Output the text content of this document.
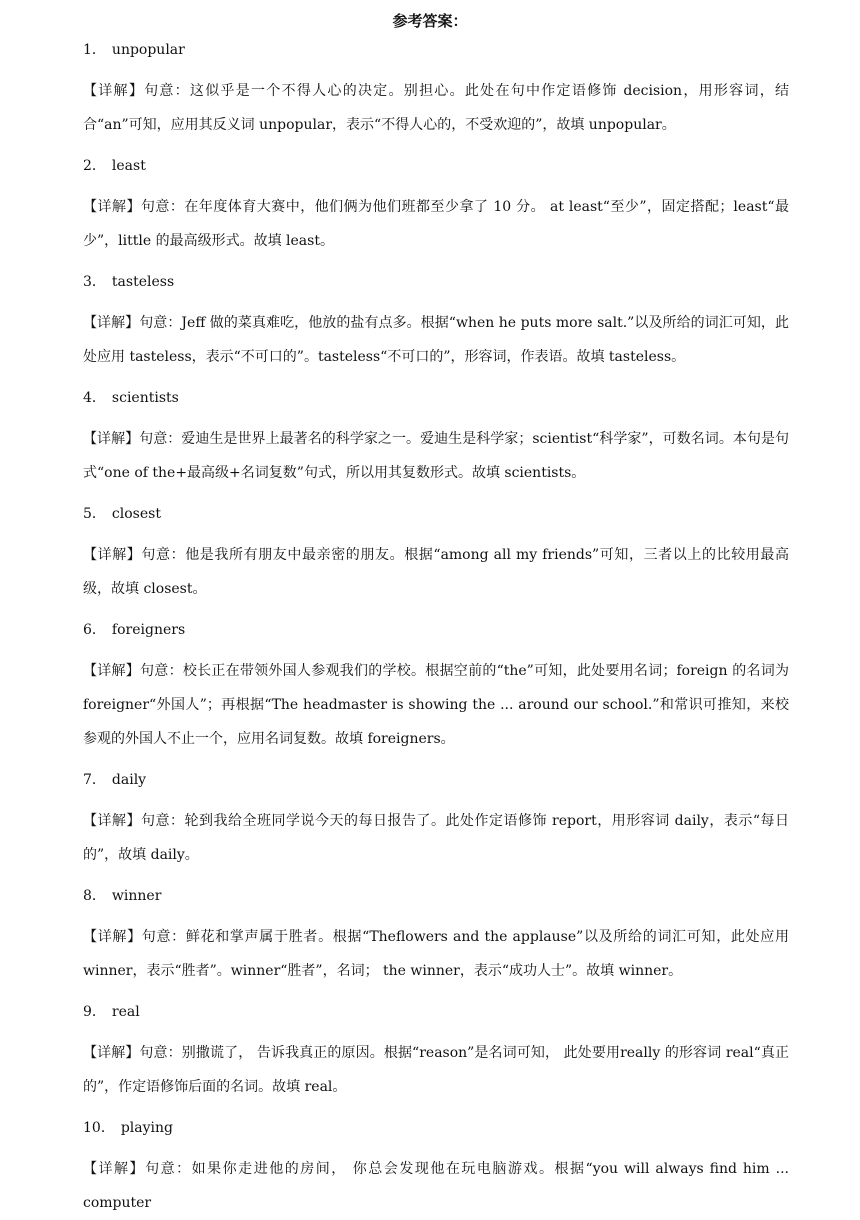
参考答案：
1． unpopular
【详解】句意：这似乎是一个不得人心的决定。别担心。此处在句中作定语修饰 decision，用形容词，结合“an”可知，应用其反义词 unpopular，表示“不得人心的，不受欢迎的”，故填 unpopular。
2． least
【详解】句意：在年度体育大赛中，他们俩为他们班都至少拿了 10 分。 at least“至少”，固定搭配；least“最少”，little 的最高级形式。故填 least。
3． tasteless
【详解】句意：Jeff 做的菜真难吃，他放的盐有点多。根据“when he puts more salt.”以及所给的词汇可知，此处应用 tasteless，表示“不可口的”。tasteless“不可口的”，形容词，作表语。故填 tasteless。
4． scientists
【详解】句意：爱迪生是世界上最著名的科学家之一。爱迪生是科学家；scientist“科学家”，可数名词。本句是句式“one of the+最高级+名词复数”句式，所以用其复数形式。故填 scientists。
5． closest
【详解】句意：他是我所有朋友中最亲密的朋友。根据“among all my friends”可知，三者以上的比较用最高级，故填 closest。
6． foreigners
【详解】句意：校长正在带领外国人参观我们的学校。根据空前的“the”可知，此处要用名词；foreign 的名词为 foreigner“外国人”；再根据“The headmaster is showing the ... around our school.”和常识可推知，来校参观的外国人不止一个，应用名词复数。故填 foreigners。
7． daily
【详解】句意：轮到我给全班同学说今天的每日报告了。此处作定语修饰 report，用形容词 daily，表示“每日的”，故填 daily。
8． winner
【详解】句意：鲜花和掌声属于胜者。根据“Theflowers and the applause”以及所给的词汇可知，此处应用winner，表示“胜者”。winner“胜者”，名词； the winner，表示“成功人士”。故填 winner。
9． real
【详解】句意：别撒谎了， 告诉我真正的原因。根据“reason”是名词可知， 此处要用really 的形容词 real“真正的”，作定语修饰后面的名词。故填 real。
10． playing
【详解】句意：如果你走进他的房间， 你总会发现他在玩电脑游戏。根据“you will always find him ... computer
